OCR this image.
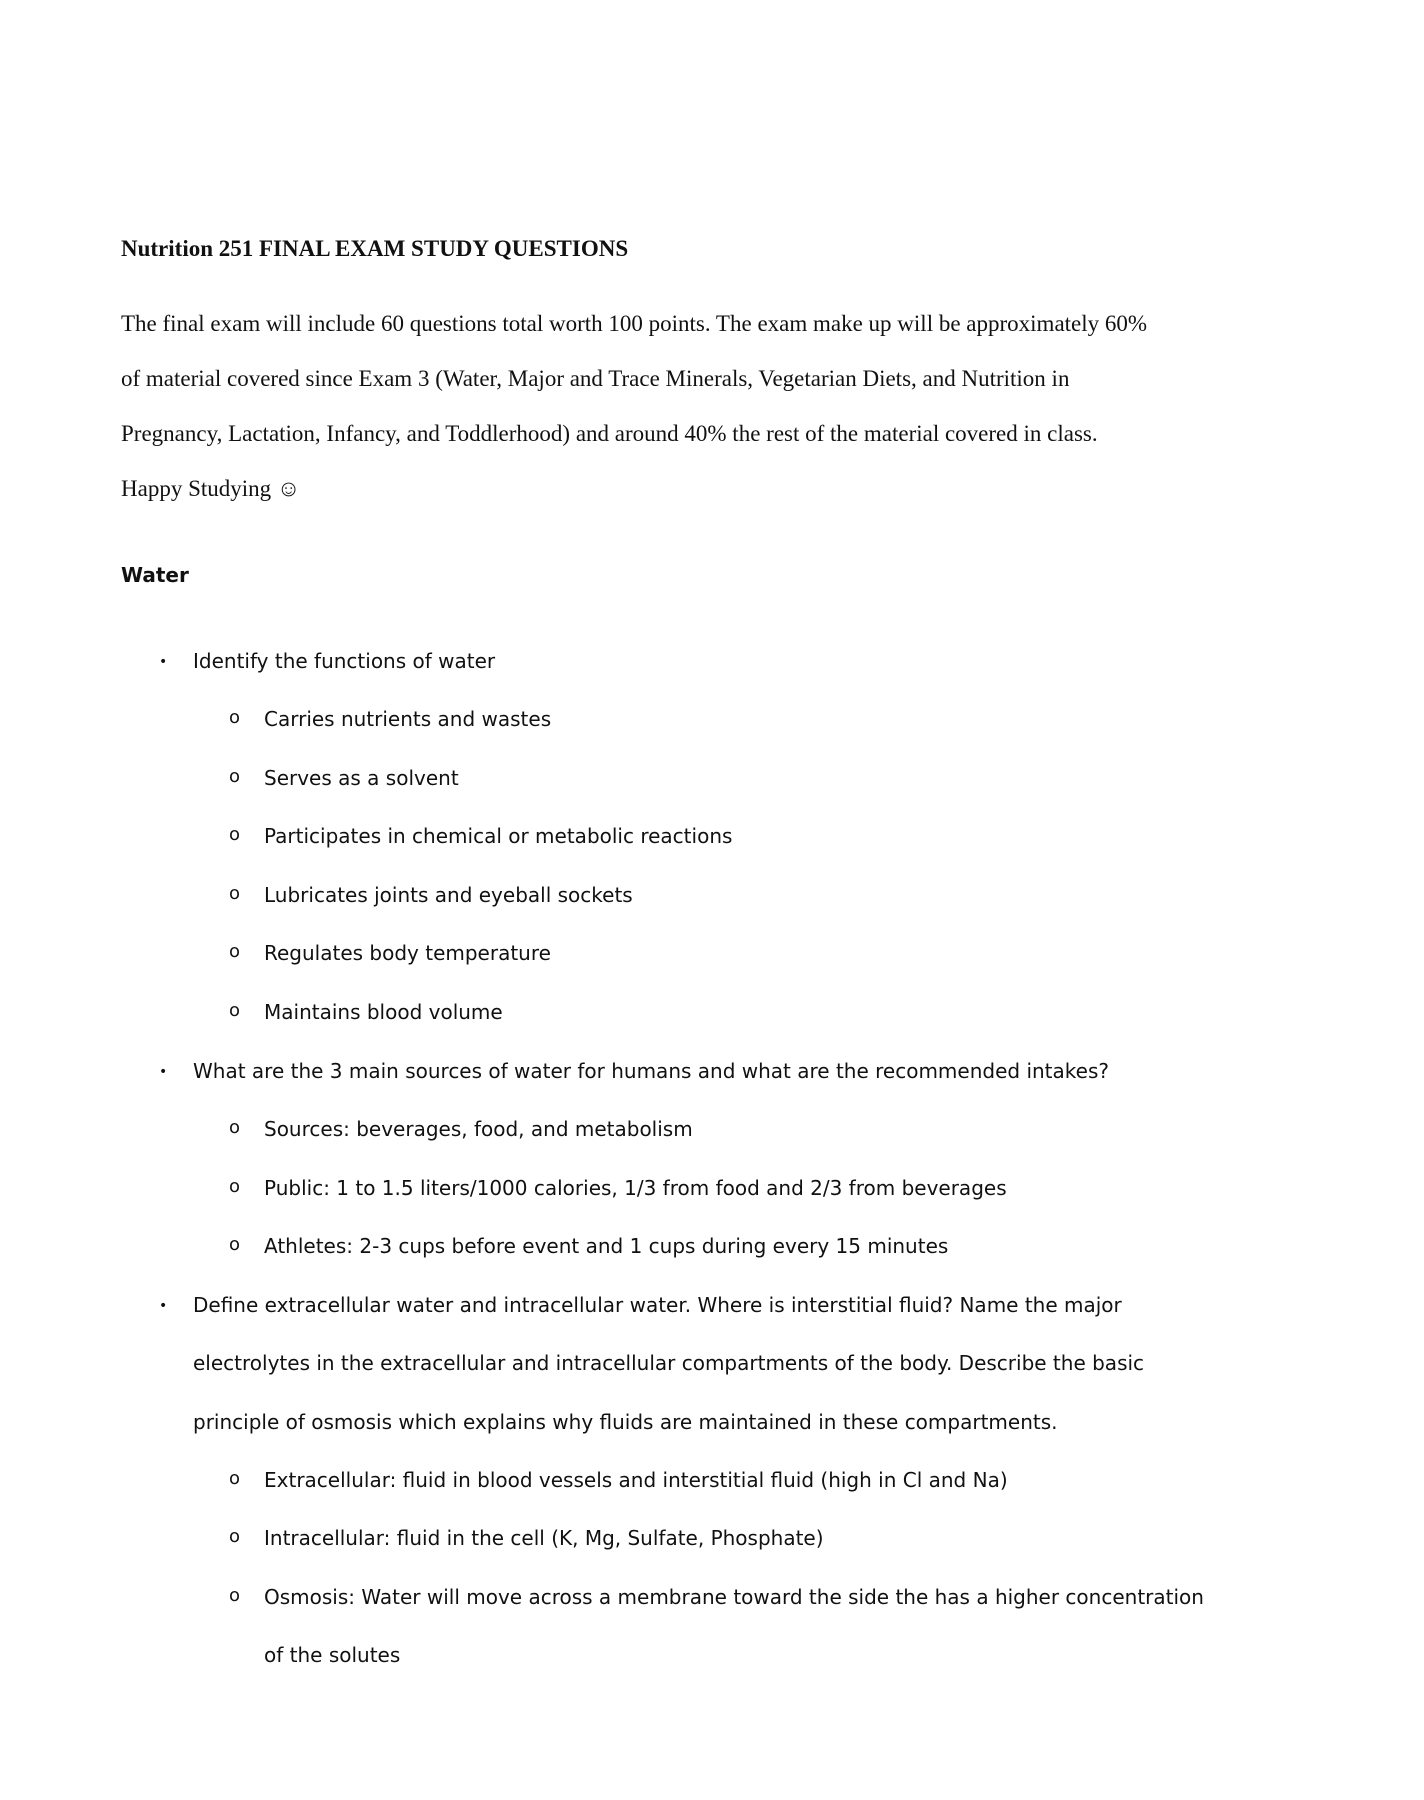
Nutrition 251 FINAL EXAM STUDY QUESTIONS
The final exam will include 60 questions total worth 100 points. The exam make up will be approximately 60%
of material covered since Exam 3 (Water, Major and Trace Minerals, Vegetarian Diets, and Nutrition in
Pregnancy, Lactation, Infancy, and Toddlerhood) and around 40% the rest of the material covered in class.
Happy Studying ☺
Water
• Identify the functions of water
o Carries nutrients and wastes
o Serves as a solvent
o Participates in chemical or metabolic reactions
o Lubricates joints and eyeball sockets
o Regulates body temperature
o Maintains blood volume
• What are the 3 main sources of water for humans and what are the recommended intakes?
o Sources: beverages, food, and metabolism
o Public: 1 to 1.5 liters/1000 calories, 1/3 from food and 2/3 from beverages
o Athletes: 2-3 cups before event and 1 cups during every 15 minutes
• Define extracellular water and intracellular water. Where is interstitial fluid? Name the major
electrolytes in the extracellular and intracellular compartments of the body. Describe the basic
principle of osmosis which explains why fluids are maintained in these compartments.
o Extracellular: fluid in blood vessels and interstitial fluid (high in Cl and Na)
o Intracellular: fluid in the cell (K, Mg, Sulfate, Phosphate)
o Osmosis: Water will move across a membrane toward the side the has a higher concentration
of the solutes
